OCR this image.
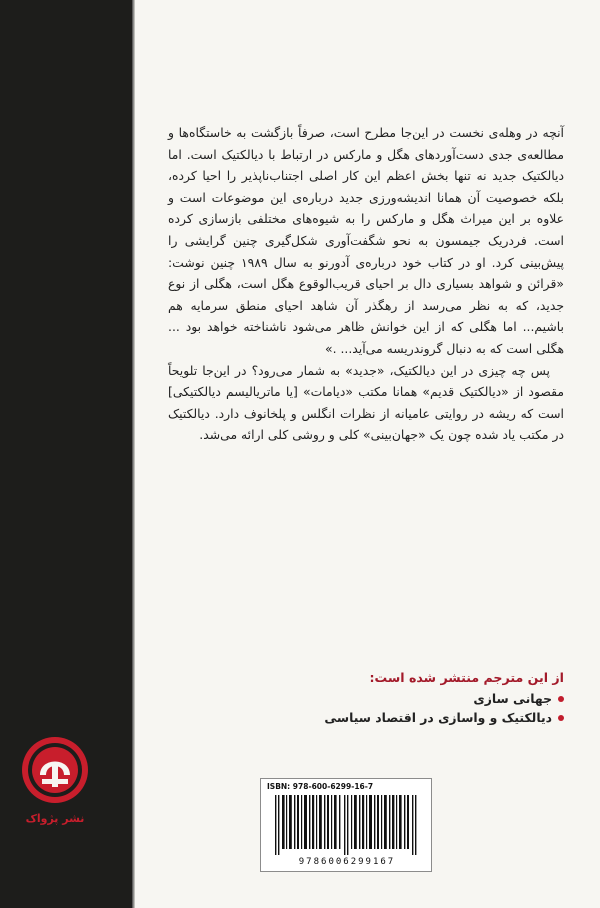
آنچه در وهله‌ی نخست در این‌جا مطرح است، صرفاً بازگشت به خاستگاه‌ها و مطالعه‌ی جدی دست‌آوردهای هگل و مارکس در ارتباط با دیالکتیک است. اما دیالکتیک جدید نه تنها بخش اعظم این کار اصلی اجتناب‌ناپذیر را احیا کرده، بلکه خصوصیت آن همانا اندیشه‌ورزی جدید درباره‌ی این موضوعات است و علاوه بر این میراث هگل و مارکس را به شیوه‌های مختلفی بازسازی کرده است. فردریک جیمسون به نحو شگفت‌آوری شکل‌گیری چنین گرایشی را پیش‌بینی کرد. او در کتاب خود درباره‌ی آدورنو به سال ۱۹۸۹ چنین نوشت: «قرائن و شواهد بسیاری دال بر احیای قریب‌الوقوع هگل است، هگلی از نوع جدید، که به نظر می‌رسد از رهگذر آن شاهد احیای منطق سرمایه هم باشیم... اما هگلی که از این خوانش ظاهر می‌شود ناشناخته خواهد بود ... هگلی است که به دنبال گروندریسه می‌آید... .»

پس چه چیزی در این دیالکتیک، «جدید» به شمار می‌رود؟ در این‌جا تلویحاً مقصود از «دیالکتیک قدیم» همانا مکتب «دیامات» [یا ماتریالیسم دیالکتیکی] است که ریشه در روایتی عامیانه از نظرات انگلس و پلخانوف دارد. دیالکتیک در مکتب یاد شده چون یک «جهان‌بینی» کلی و روشی کلی ارائه می‌شد.

از این مترجم منتشر شده است:
جهانی سازی
دیالکتیک و واسازی در اقتصاد سیاسی
نشر پژواک
ISBN: 978-600-6299-16-7
9786006299167
